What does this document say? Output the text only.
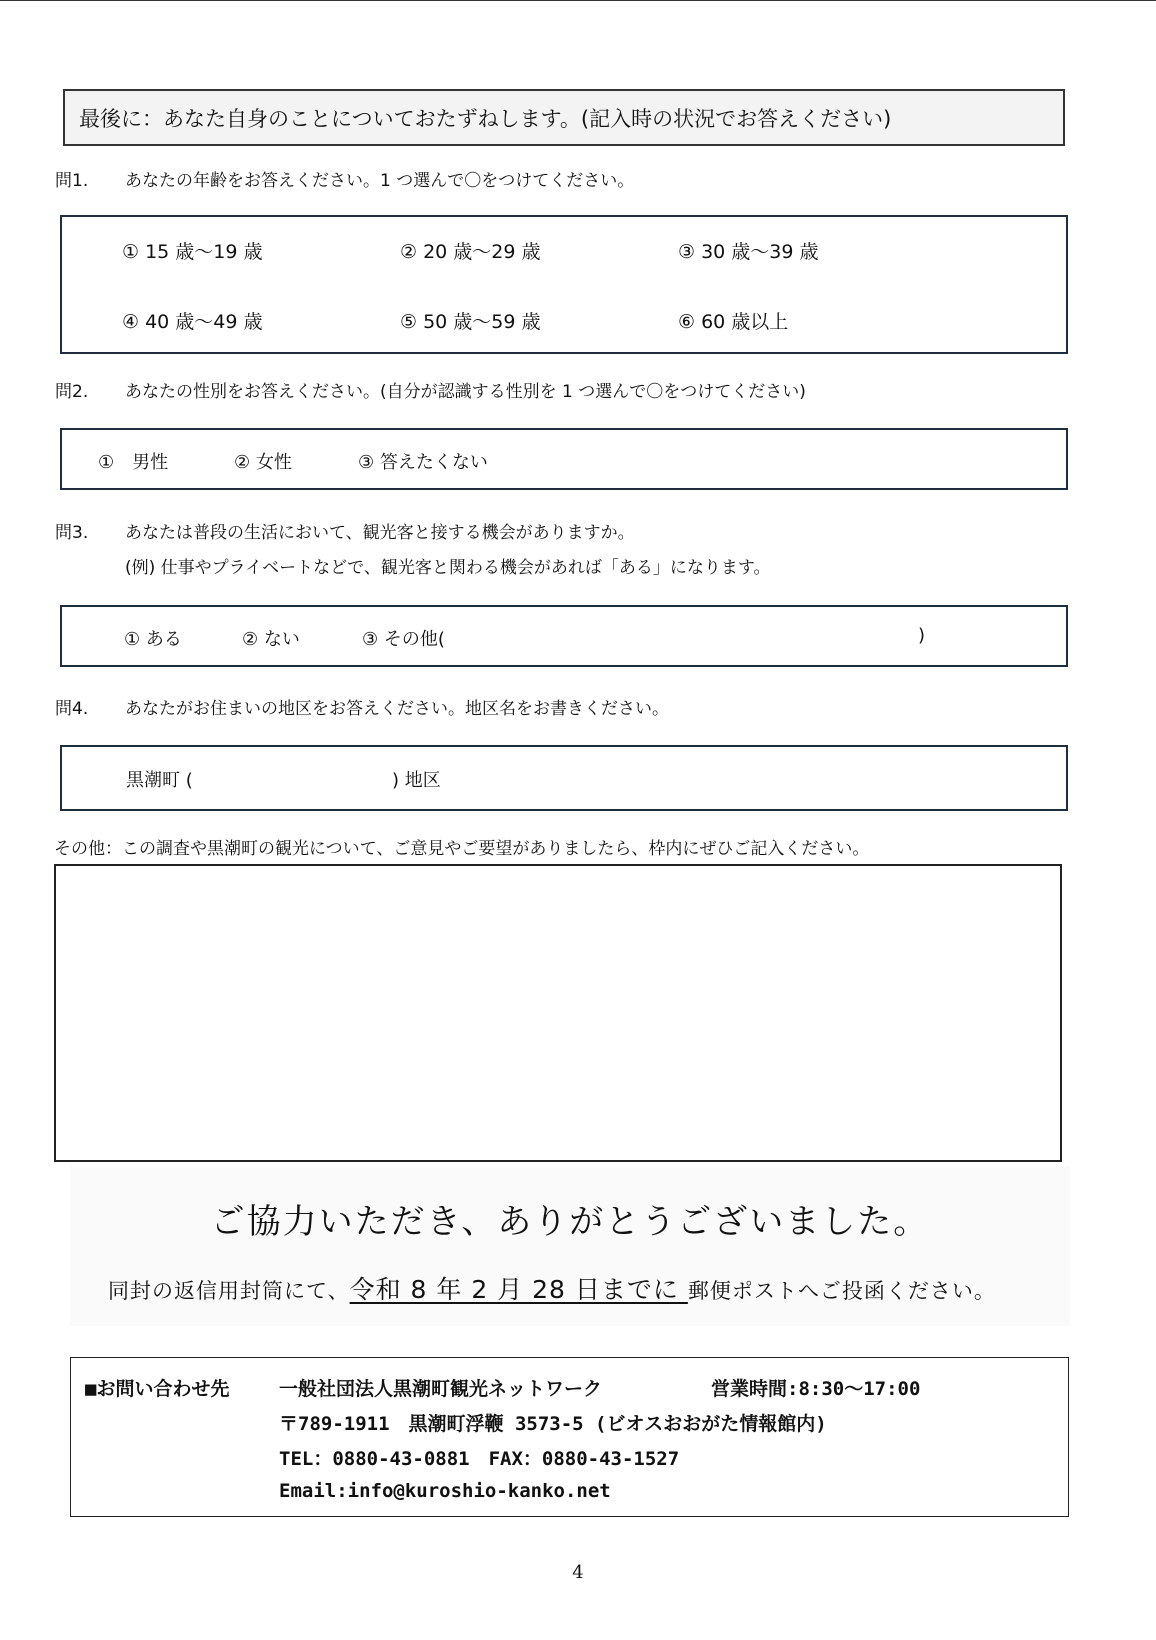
最後に：あなた自身のことについておたずねします。(記入時の状況でお答えください)
問1. あなたの年齢をお答えください。1 つ選んで〇をつけてください。
① 15 歳～19 歳	② 20 歳～29 歳	③ 30 歳～39 歳
④ 40 歳～49 歳	⑤ 50 歳～59 歳	⑥ 60 歳以上
問2. あなたの性別をお答えください。(自分が認識する性別を 1 つ選んで〇をつけてください)
①　男性	② 女性	③ 答えたくない
問3. あなたは普段の生活において、観光客と接する機会がありますか。
(例) 仕事やプライベートなどで、観光客と関わる機会があれば「ある」になります。
① ある	② ない	③ その他(	)
問4. あなたがお住まいの地区をお答えください。地区名をお書きください。
黒潮町 (	) 地区
その他：この調査や黒潮町の観光について、ご意見やご要望がありましたら、枠内にぜひご記入ください。
ご協力いただき、ありがとうございました。

同封の返信用封筒にて、令和 8 年 2 月 28 日までに 郵便ポストへご投函ください。

■お問い合わせ先	一般社団法人黒潮町観光ネットワーク	営業時間:8:30～17:00
〒789-1911　黒潮町浮鞭 3573-5 (ビオスおおがた情報館内)
TEL：0880-43-0881　FAX：0880-43-1527
Email:info@kuroshio-kanko.net
4
